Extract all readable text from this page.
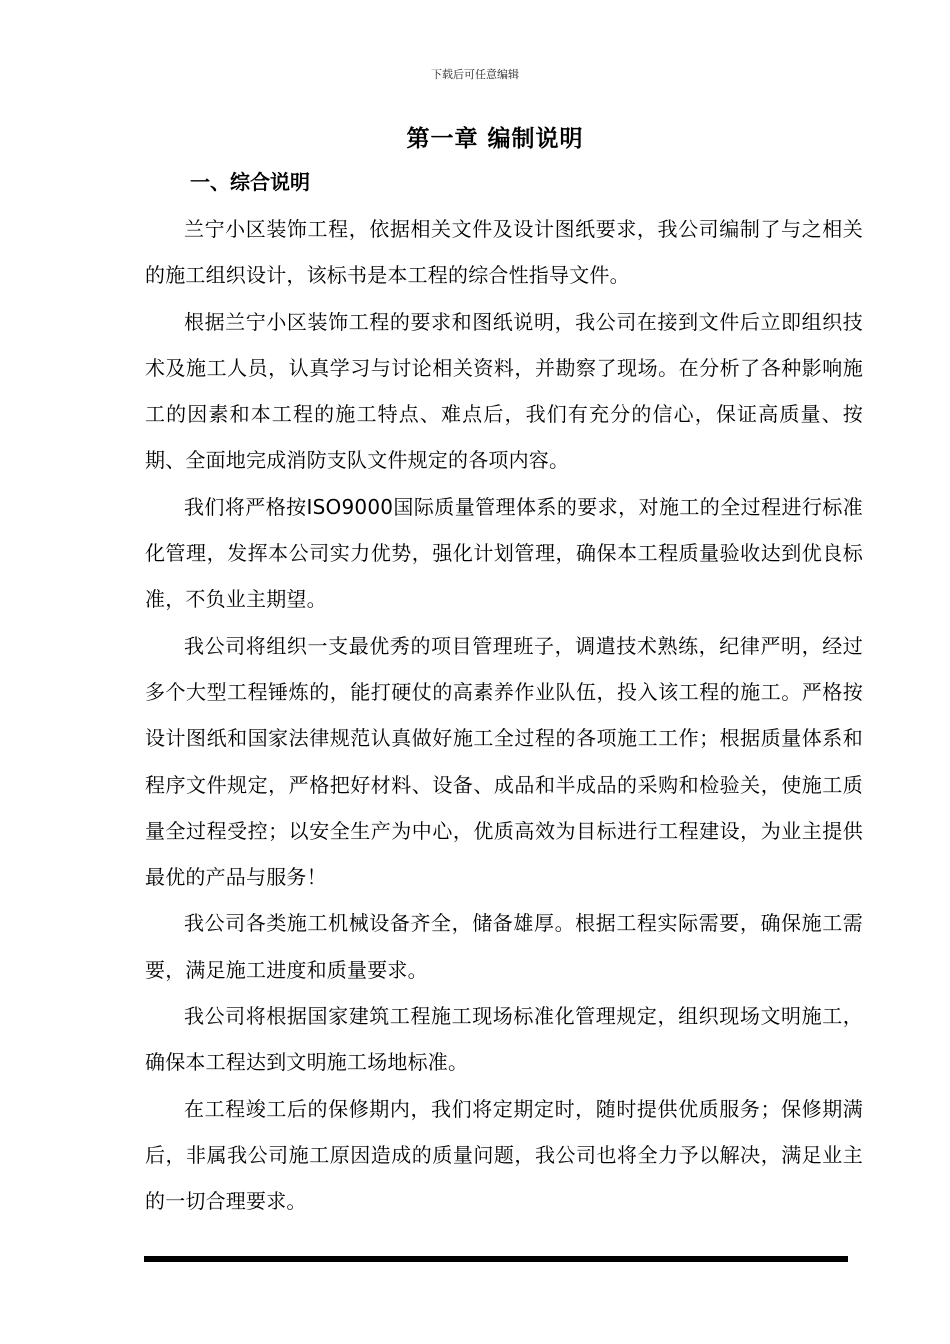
下载后可任意编辑
第一章 编制说明
一、综合说明

兰宁小区装饰工程，依据相关文件及设计图纸要求，我公司编制了与之相关的施工组织设计，该标书是本工程的综合性指导文件。

根据兰宁小区装饰工程的要求和图纸说明，我公司在接到文件后立即组织技术及施工人员，认真学习与讨论相关资料，并勘察了现场。在分析了各种影响施工的因素和本工程的施工特点、难点后，我们有充分的信心，保证高质量、按期、全面地完成消防支队文件规定的各项内容。

我们将严格按ISO9000国际质量管理体系的要求，对施工的全过程进行标准化管理，发挥本公司实力优势，强化计划管理，确保本工程质量验收达到优良标准，不负业主期望。

我公司将组织一支最优秀的项目管理班子，调遣技术熟练，纪律严明，经过多个大型工程锤炼的，能打硬仗的高素养作业队伍，投入该工程的施工。严格按设计图纸和国家法律规范认真做好施工全过程的各项施工工作；根据质量体系和程序文件规定，严格把好材料、设备、成品和半成品的采购和检验关，使施工质量全过程受控；以安全生产为中心，优质高效为目标进行工程建设，为业主提供最优的产品与服务！

我公司各类施工机械设备齐全，储备雄厚。根据工程实际需要，确保施工需要，满足施工进度和质量要求。

我公司将根据国家建筑工程施工现场标准化管理规定，组织现场文明施工，确保本工程达到文明施工场地标准。

在工程竣工后的保修期内，我们将定期定时，随时提供优质服务；保修期满后，非属我公司施工原因造成的质量问题，我公司也将全力予以解决，满足业主的一切合理要求。
